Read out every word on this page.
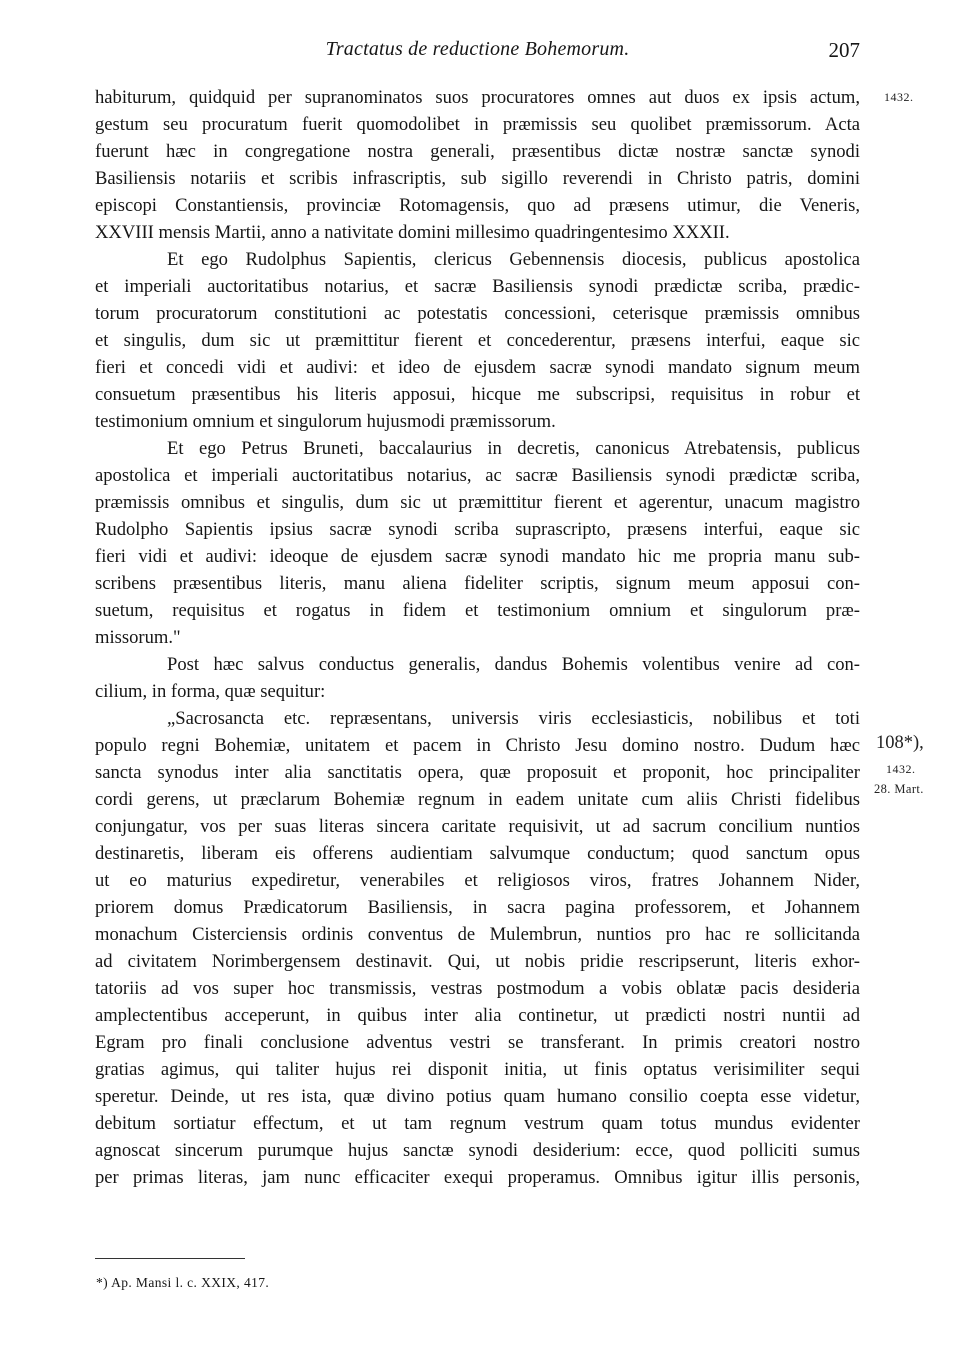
Tractatus de reductione Bohemorum.	207
habiturum, quidquid per supranominatos suos procuratores omnes aut duos ex ipsis actum,
gestum seu procuratum fuerit quomodolibet in præmissis seu quolibet præmissorum. Acta
fuerunt hæc in congregatione nostra generali, præsentibus dictæ nostræ sanctæ synodi
Basiliensis notariis et scribis infrascriptis, sub sigillo reverendi in Christo patris, domini
episcopi Constantiensis, provinciæ Rotomagensis, quo ad præsens utimur, die Veneris,
XXVIII mensis Martii, anno a nativitate domini millesimo quadringentesimo XXXII.
Et ego Rudolphus Sapientis, clericus Gebennensis diocesis, publicus apostolica
et imperiali auctoritatibus notarius, et sacræ Basiliensis synodi prædictæ scriba, prædic-
torum procuratorum constitutioni ac potestatis concessioni, ceterisque præmissis omnibus
et singulis, dum sic ut præmittitur fierent et concederentur, præsens interfui, eaque sic
fieri et concedi vidi et audivi: et ideo de ejusdem sacræ synodi mandato signum meum
consuetum præsentibus his literis apposui, hicque me subscripsi, requisitus in robur et
testimonium omnium et singulorum hujusmodi præmissorum.
Et ego Petrus Bruneti, baccalaurius in decretis, canonicus Atrebatensis, publicus
apostolica et imperiali auctoritatibus notarius, ac sacræ Basiliensis synodi prædictæ scriba,
præmissis omnibus et singulis, dum sic ut præmittitur fierent et agerentur, unacum magistro
Rudolpho Sapientis ipsius sacræ synodi scriba suprascripto, præsens interfui, eaque sic
fieri vidi et audivi: ideoque de ejusdem sacræ synodi mandato hic me propria manu sub-
scribens præsentibus literis, manu aliena fideliter scriptis, signum meum apposui con-
suetum, requisitus et rogatus in fidem et testimonium omnium et singulorum præ-
missorum."
Post hæc salvus conductus generalis, dandus Bohemis volentibus venire ad con-
cilium, in forma, quæ sequitur:
„Sacrosancta etc. repræsentans, universis viris ecclesiasticis, nobilibus et toti
populo regni Bohemiæ, unitatem et pacem in Christo Jesu domino nostro. Dudum hæc
sancta synodus inter alia sanctitatis opera, quæ proposuit et proponit, hoc principaliter
cordi gerens, ut præclarum Bohemiæ regnum in eadem unitate cum aliis Christi fidelibus
conjungatur, vos per suas literas sincera caritate requisivit, ut ad sacrum concilium nuntios
destinaretis, liberam eis offerens audientiam salvumque conductum; quod sanctum opus
ut eo maturius expediretur, venerabiles et religiosos viros, fratres Johannem Nider,
priorem domus Prædicatorum Basiliensis, in sacra pagina professorem, et Johannem
monachum Cisterciensis ordinis conventus de Mulembrun, nuntios pro hac re sollicitanda
ad civitatem Norimbergensem destinavit. Qui, ut nobis pridie rescripserunt, literis exhor-
tatoriis ad vos super hoc transmissis, vestras postmodum a vobis oblatæ pacis desideria
amplectentibus acceperunt, in quibus inter alia continetur, ut prædicti nostri nuntii ad
Egram pro finali conclusione adventus vestri se transferant. In primis creatori nostro
gratias agimus, qui taliter hujus rei disponit initia, ut finis optatus verisimiliter sequi
speretur. Deinde, ut res ista, quæ divino potius quam humano consilio coepta esse videtur,
debitum sortiatur effectum, et ut tam regnum vestrum quam totus mundus evidenter
agnoscat sincerum purumque hujus sanctæ synodi desiderium: ecce, quod polliciti sumus
per primas literas, jam nunc efficaciter exequi properamus. Omnibus igitur illis personis,
1432.
108*),
1432.
28. Mart.
*) Ap. Mansi l. c. XXIX, 417.
